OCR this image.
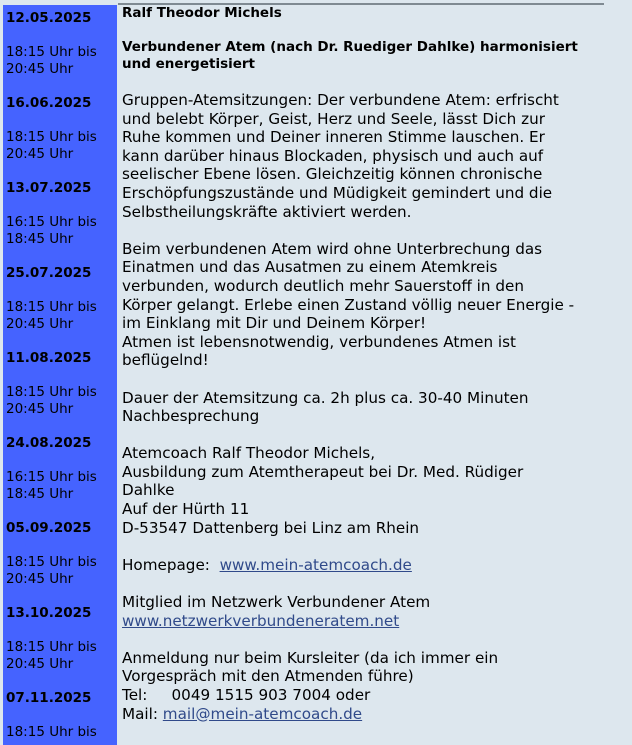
12.05.2025
18:15 Uhr bis
20:45 Uhr
16.06.2025
18:15 Uhr bis
20:45 Uhr
13.07.2025
16:15 Uhr bis
18:45 Uhr
25.07.2025
18:15 Uhr bis
20:45 Uhr
11.08.2025
18:15 Uhr bis
20:45 Uhr
24.08.2025
16:15 Uhr bis
18:45 Uhr
05.09.2025
18:15 Uhr bis
20:45 Uhr
13.10.2025
18:15 Uhr bis
20:45 Uhr
07.11.2025
18:15 Uhr bis
Ralf Theodor Michels
Verbundener Atem (nach Dr. Ruediger Dahlke) harmonisiert
und energetisiert
Gruppen-Atemsitzungen: Der verbundene Atem: erfrischt
und belebt Körper, Geist, Herz und Seele, lässt Dich zur
Ruhe kommen und Deiner inneren Stimme lauschen. Er
kann darüber hinaus Blockaden, physisch und auch auf
seelischer Ebene lösen. Gleichzeitig können chronische
Erschöpfungszustände und Müdigkeit gemindert und die
Selbstheilungskräfte aktiviert werden.
Beim verbundenen Atem wird ohne Unterbrechung das
Einatmen und das Ausatmen zu einem Atemkreis
verbunden, wodurch deutlich mehr Sauerstoff in den
Körper gelangt. Erlebe einen Zustand völlig neuer Energie -
im Einklang mit Dir und Deinem Körper!
Atmen ist lebensnotwendig, verbundenes Atmen ist
beflügelnd!
Dauer der Atemsitzung ca. 2h plus ca. 30-40 Minuten
Nachbesprechung
Atemcoach Ralf Theodor Michels,
Ausbildung zum Atemtherapeut bei Dr. Med. Rüdiger
Dahlke
Auf der Hürth 11
D-53547 Dattenberg bei Linz am Rhein
Homepage: www.mein-atemcoach.de
Mitglied im Netzwerk Verbundener Atem
www.netzwerkverbundeneratem.net
Anmeldung nur beim Kursleiter (da ich immer ein
Vorgespräch mit den Atmenden führe)
Tel: 0049 1515 903 7004 oder
Mail: mail@mein-atemcoach.de
